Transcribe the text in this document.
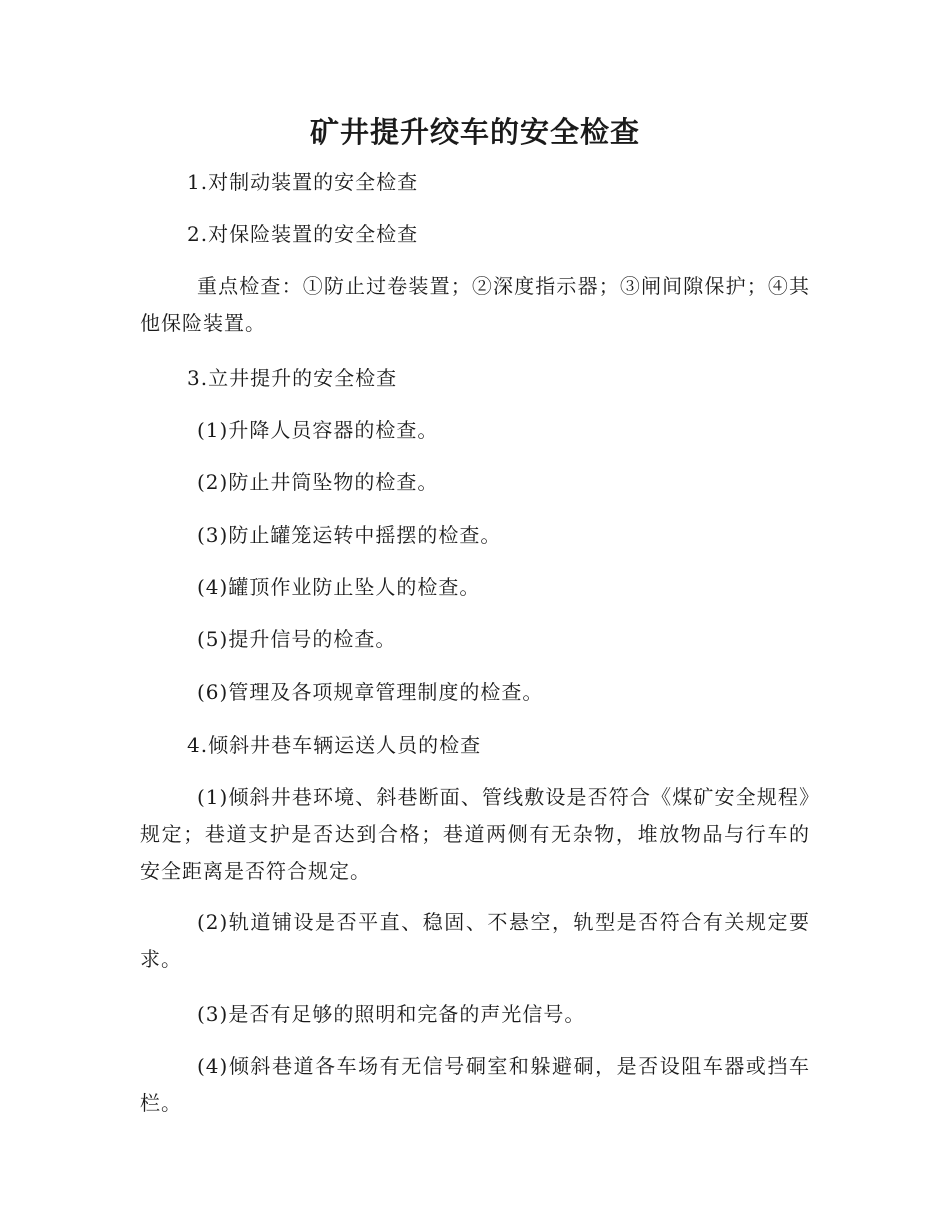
矿井提升绞车的安全检查

1.对制动装置的安全检查

2.对保险装置的安全检查

重点检查：①防止过卷装置；②深度指示器；③闸间隙保护；④其他保险装置。

3.立井提升的安全检查

(1)升降人员容器的检查。

(2)防止井筒坠物的检查。

(3)防止罐笼运转中摇摆的检查。

(4)罐顶作业防止坠人的检查。

(5)提升信号的检查。

(6)管理及各项规章管理制度的检查。

4.倾斜井巷车辆运送人员的检查

(1)倾斜井巷环境、斜巷断面、管线敷设是否符合《煤矿安全规程》规定；巷道支护是否达到合格；巷道两侧有无杂物，堆放物品与行车的安全距离是否符合规定。

(2)轨道铺设是否平直、稳固、不悬空，轨型是否符合有关规定要求。

(3)是否有足够的照明和完备的声光信号。

(4)倾斜巷道各车场有无信号硐室和躲避硐，是否设阻车器或挡车栏。
